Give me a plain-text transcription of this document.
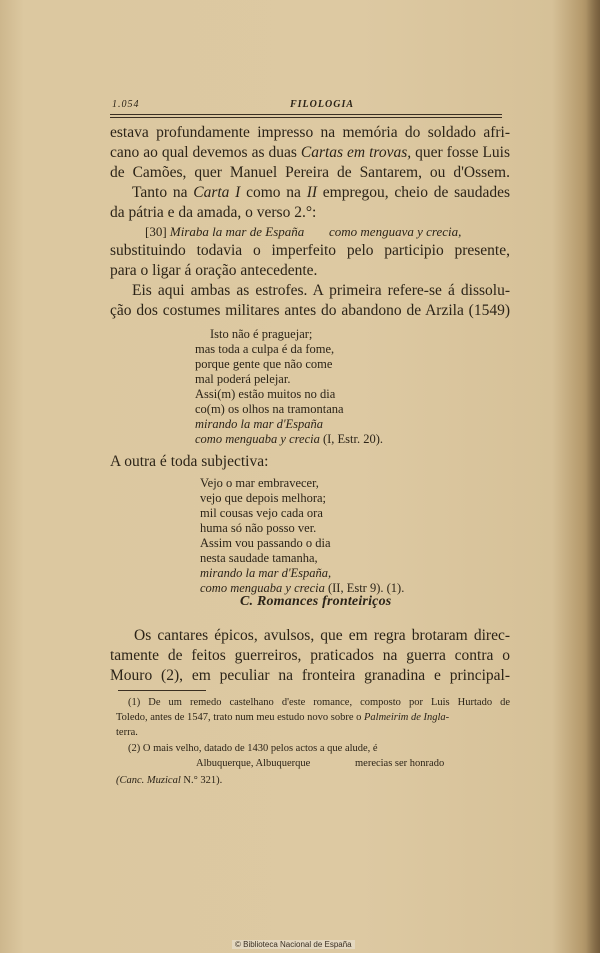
1.054	FILOLOGIA
estava profundamente impresso na memória do soldado afri-
cano ao qual devemos as duas Cartas em trovas, quer fosse Luis
de Camões, quer Manuel Pereira de Santarem, ou d'Ossem.
Tanto na Carta I como na II empregou, cheio de saudades
da pátria e da amada, o verso 2.°:
[30] Miraba la mar de España como menguava y crecia,
substituindo todavia o imperfeito pelo participio presente,
para o ligar á oração antecedente.
Eis aqui ambas as estrofes. A primeira refere-se á dissolu-
ção dos costumes militares antes do abandono de Arzila (1549)
Isto não é praguejar;
mas toda a culpa é da fome,
porque gente que não come
mal poderá pelejar.
Assi(m) estão muitos no dia
co(m) os olhos na tramontana
mirando la mar d'España
como menguaba y crecia (I, Estr. 20).
A outra é toda subjectiva:
Vejo o mar embravecer,
vejo que depois melhora;
mil cousas vejo cada ora
huma só não posso ver.
Assim vou passando o dia
nesta saudade tamanha,
mirando la mar d'España,
como menguaba y crecia (II, Estr 9). (1).
C. Romances fronteiriços
Os cantares épicos, avulsos, que em regra brotaram direc-
tamente de feitos guerreiros, praticados na guerra contra o
Mouro (2), em peculiar na fronteira granadina e principal-
(1) De um remedo castelhano d'este romance, composto por Luis Hurtado de
Toledo, antes de 1547, trato num meu estudo novo sobre o Palmeirim de Ingla-
terra.
(2) O mais velho, datado de 1430 pelos actos a que alude, é
Albuquerque, Albuquerque	merecias ser honrado
(Canc. Muzical N.° 321).
© Biblioteca Nacional de España
